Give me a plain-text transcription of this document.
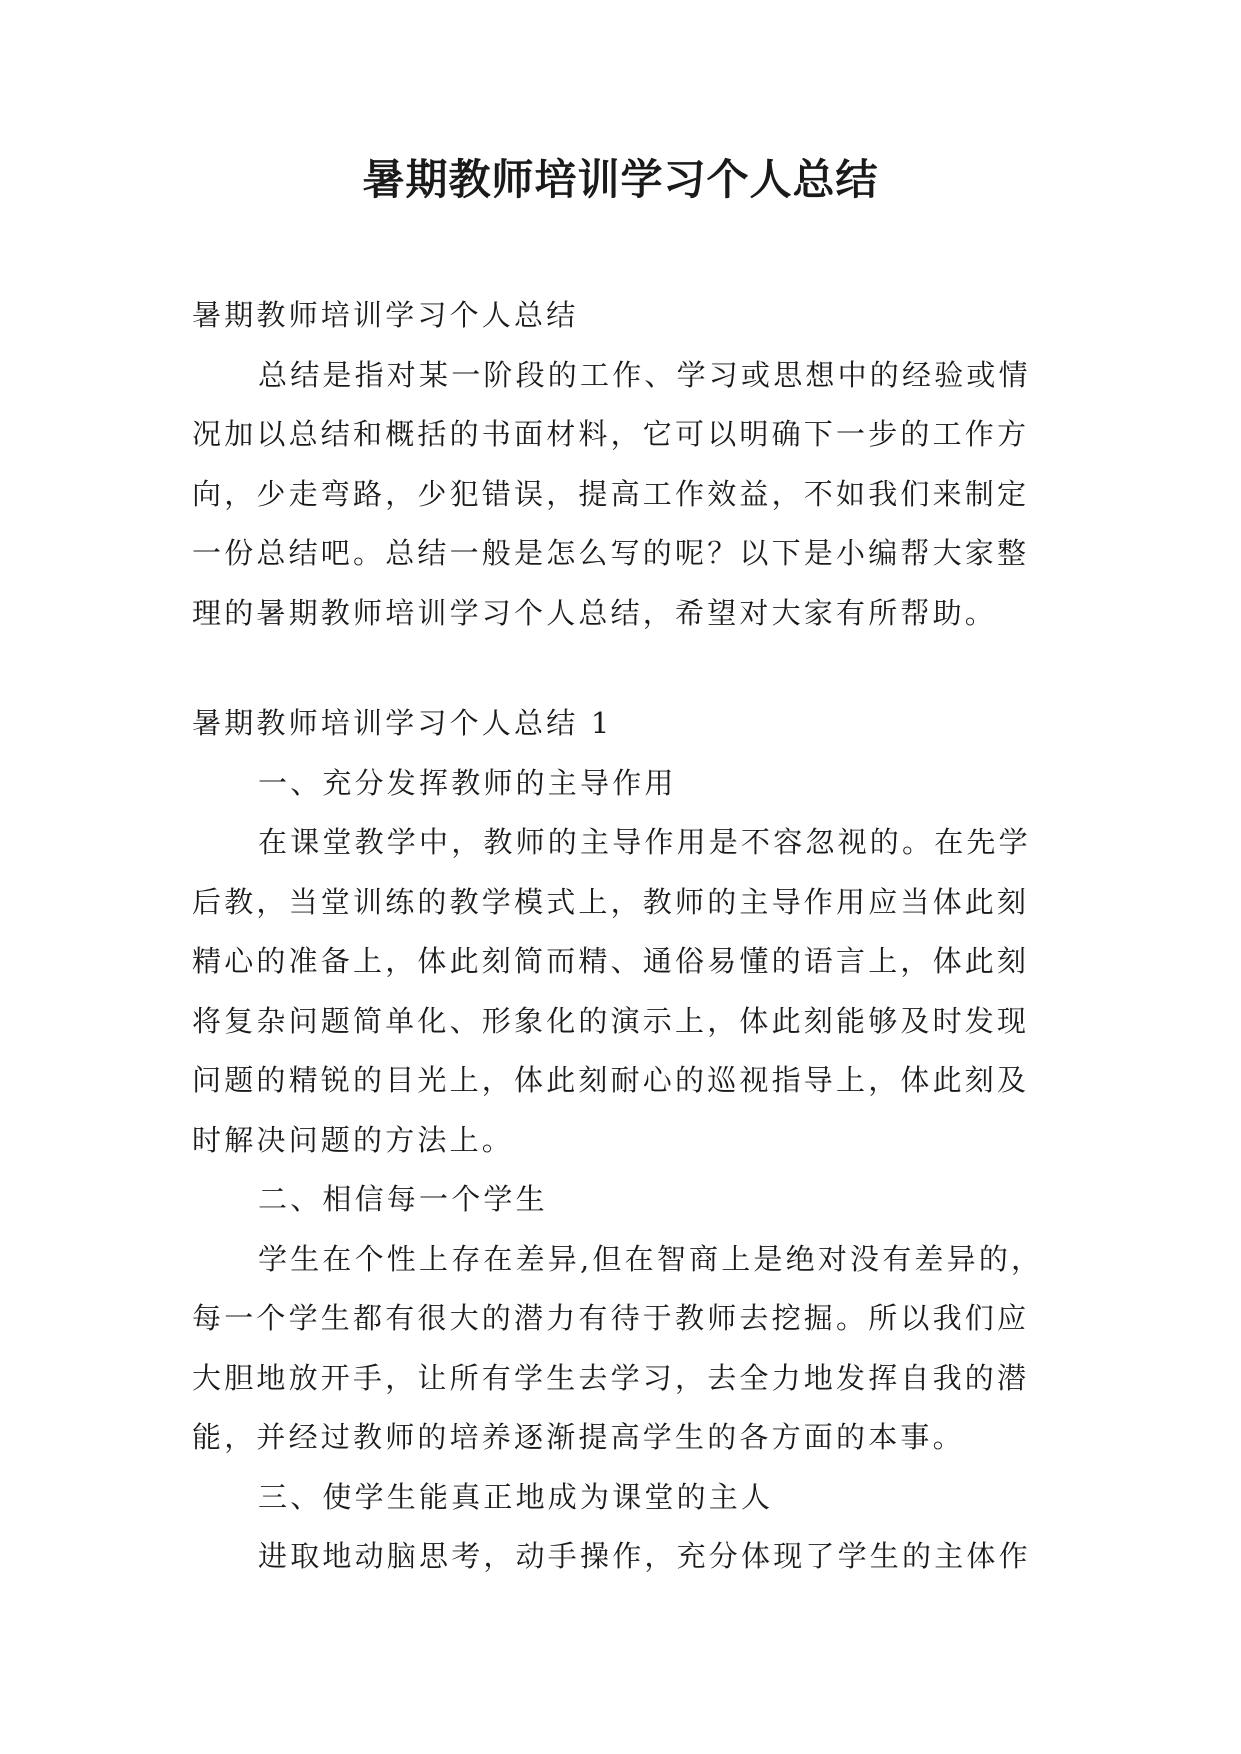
暑期教师培训学习个人总结

暑期教师培训学习个人总结

总结是指对某一阶段的工作、学习或思想中的经验或情况加以总结和概括的书面材料，它可以明确下一步的工作方向，少走弯路，少犯错误，提高工作效益，不如我们来制定一份总结吧。总结一般是怎么写的呢？以下是小编帮大家整理的暑期教师培训学习个人总结，希望对大家有所帮助。

暑期教师培训学习个人总结 1

一、充分发挥教师的主导作用

在课堂教学中，教师的主导作用是不容忽视的。在先学后教，当堂训练的教学模式上，教师的主导作用应当体此刻精心的准备上，体此刻简而精、通俗易懂的语言上，体此刻将复杂问题简单化、形象化的演示上，体此刻能够及时发现问题的精锐的目光上，体此刻耐心的巡视指导上，体此刻及时解决问题的方法上。

二、相信每一个学生

学生在个性上存在差异,但在智商上是绝对没有差异的，每一个学生都有很大的潜力有待于教师去挖掘。所以我们应大胆地放开手，让所有学生去学习，去全力地发挥自我的潜能，并经过教师的培养逐渐提高学生的各方面的本事。

三、使学生能真正地成为课堂的主人

进取地动脑思考，动手操作，充分体现了学生的主体作
